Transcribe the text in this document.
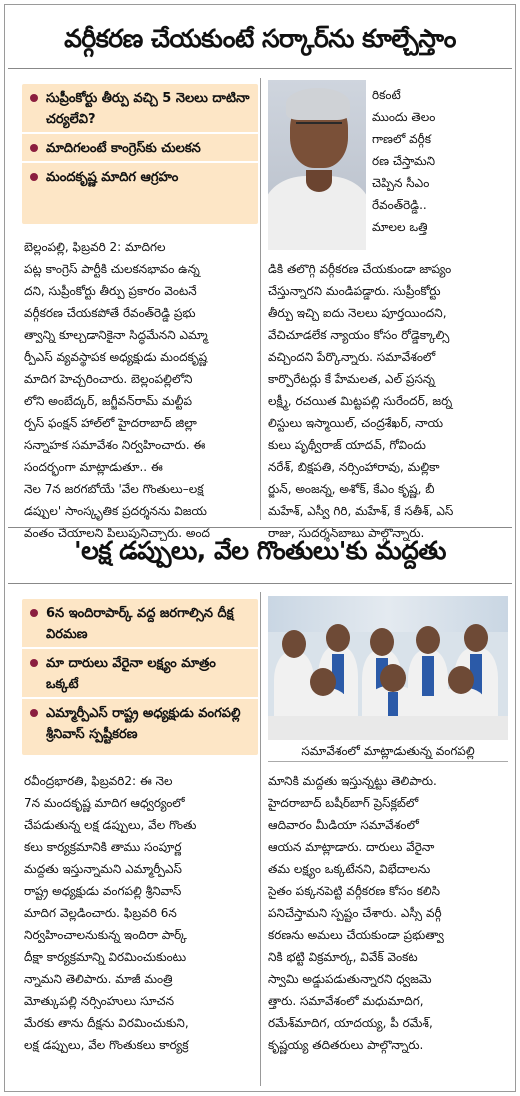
వర్గీకరణ చేయకుంటే సర్కార్‌ను కూల్చేస్తాం
సుప్రీంకోర్టు తీర్పు వచ్చి 5 నెలలు దాటినా చర్యలేవి?
మాదిగలంటే కాంగ్రెస్‌కు చులకన
మందకృష్ణ మాదిగ ఆగ్రహం
రికంటే
ముందు తెలం
గాణలో వర్గీక
రణ చేస్తామని
చెప్పిన సీఎం
రేవంత్‌రెడ్డి..
మాలల ఒత్తి
బెల్లంపల్లి, ఫిబ్రవరి 2: మాదిగల
పట్ల కాంగ్రెస్ పార్టీకి చులకనభావం ఉన్న
దని, సుప్రీంకోర్టు తీర్పు ప్రకారం వెంటనే
వర్గీకరణ చేయకపోతే రేవంత్‌రెడ్డి ప్రభు
త్వాన్ని కూల్చడానికైనా సిద్ధమేనని ఎమ్మా
ర్పీఎస్ వ్యవస్థాపక అధ్యక్షుడు మందకృష్ణ
మాదిగ హెచ్చరించారు. బెల్లంపల్లిలోని
లోని అంబేద్కర్, జగ్జీవన్‌రామ్ మల్టీప
ర్పస్ ఫంక్షన్ హాల్‌లో హైదరాబాద్ జిల్లా
సన్నాహక సమావేశం నిర్వహించారు. ఈ
సందర్భంగా మాట్లాడుతూ.. ఈ
నెల 7న జరగబోయే 'వేల గొంతులు–లక్ష
డప్పుల' సాంస్కృతిక ప్రదర్శనను విజయ
వంతం చేయాలని పిలుపునిచ్చారు. అంద
డికి తలొగ్గి వర్గీకరణ చేయకుండా జాప్యం
చేస్తున్నారని మండిపడ్డారు. సుప్రీంకోర్టు
తీర్పు ఇచ్చి ఐదు నెలలు పూర్తయిందని,
వేచిచూడలేక న్యాయం కోసం రోడ్డెక్కాల్సి
వచ్చిందని పేర్కొన్నారు. సమావేశంలో
కార్పొరేటర్లు కే హేమలత, ఎల్ ప్రసన్న
లక్ష్మీ, రచయిత మిట్టపల్లి సురేందర్, జర్న
లిస్టులు ఇస్మాయిల్, చంద్రశేఖర్, నాయ
కులు పృథ్వీరాజ్ యాదవ్, గోవిందు
నరేశ్, బిక్షపతి, నర్సింహారావు, మల్లికా
ర్జున్, అంజన్న, అశోక్, కేఎం కృష్ణ, బీ
మహేశ్, ఎస్వీ గిరి, మహేశ్, కే సతీశ్, ఎస్
రాజు, సుదర్శన్‌బాబు పాల్గొన్నారు.
'లక్ష డప్పులు, వేల గొంతులు'కు మద్దతు
6న ఇందిరాపార్క్ వద్ద జరగాల్సిన దీక్ష విరమణ
మా దారులు వేరైనా లక్ష్యం మాత్రం ఒక్కటే
ఎమ్మార్పీఎస్ రాష్ట్ర అధ్యక్షుడు వంగపల్లి శ్రీనివాస్ స్పష్టీకరణ
సమావేశంలో మాట్లాడుతున్న వంగపల్లి
రవీంద్రభారతి, ఫిబ్రవరి2: ఈ నెల
7న మందకృష్ణ మాదిగ ఆధ్వర్యంలో
చేపడుతున్న లక్ష డప్పులు, వేల గొంతు
కలు కార్యక్రమానికి తాము సంపూర్ణ
మద్దతు ఇస్తున్నామని ఎమ్మార్పీఎస్
రాష్ట్ర అధ్యక్షుడు వంగపల్లి శ్రీనివాస్
మాదిగ వెల్లడించారు. ఫిబ్రవరి 6న
నిర్వహించాలనుకున్న ఇందిరా పార్క్
దీక్షా కార్యక్రమాన్ని విరమించుకుంటు
న్నామని తెలిపారు. మాజీ మంత్రి
మోత్కుపల్లి నర్సింహులు సూచన
మేరకు తాను దీక్షను విరమించుకుని,
లక్ష డప్పులు, వేల గొంతుకలు కార్యక్ర
మానికి మద్దతు ఇస్తున్నట్టు తెలిపారు.
హైదరాబాద్ బషీర్‌బాగ్ ప్రెస్‌క్లబ్‌లో
ఆదివారం మీడియా సమావేశంలో
ఆయన మాట్లాడారు. దారులు వేరైనా
తమ లక్ష్యం ఒక్కటేనని, విభేదాలను
సైతం పక్కనపెట్టి వర్గీకరణ కోసం కలిసి
పనిచేస్తామని స్పష్టం చేశారు. ఎస్సీ వర్గీ
కరణను అమలు చేయకుండా ప్రభుత్వా
నికి భట్టి విక్రమార్క, వివేక్ వెంకట
స్వామి అడ్డుపడుతున్నారని ధ్వజమె
త్తారు. సమావేశంలో మధుమాదిగ,
రమేశ్‌మాదిగ, యాదయ్య, పీ రమేశ్,
కృష్ణయ్య తదితరులు పాల్గొన్నారు.
